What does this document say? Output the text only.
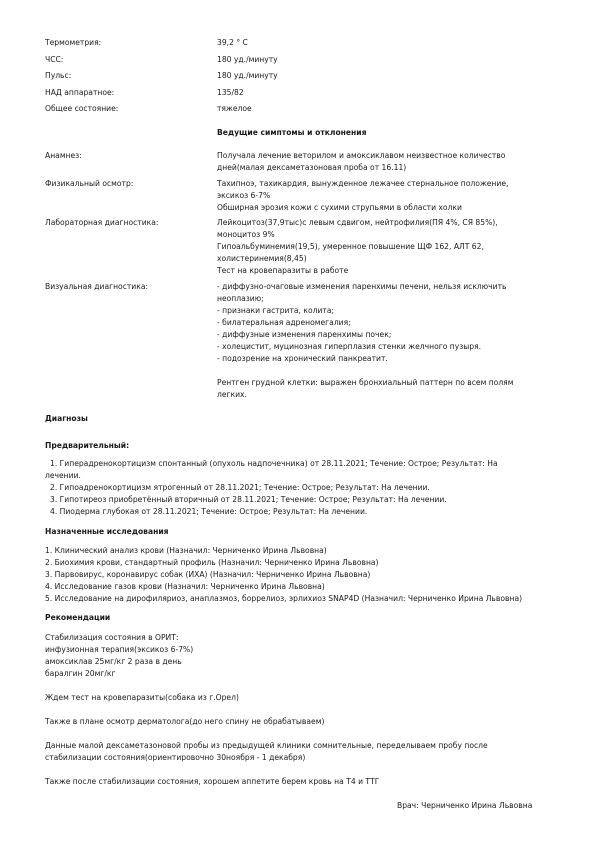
Термометрия:	39,2 ° C
ЧСС:	180 уд./минуту
Пульс:	180 уд./минуту
НАД аппаратное:	135/82
Общее состояние:	тяжелое
Ведущие симптомы и отклонения
Анамнез:	Получала лечение веторилом и амоксиклавом неизвестное количество
дней(малая дексаметазоновая проба от 16.11)
Физикальный осмотр:	Тахипноэ, тахикардия, вынужденное лежачее стернальное положение,
эксикоз 6-7%
Обширная эрозия кожи с сухими струпьями в области холки
Лабораторная диагностика:	Лейкоцитоз(37,9тыс)с левым сдвигом, нейтрофилия(ПЯ 4%, СЯ 85%),
моноцитоз 9%
Гипоальбуминемия(19,5), умеренное повышение ЩФ 162, АЛТ 62,
холистеринемия(8,45)
Тест на кровепаразиты в работе
Визуальная диагностика:	- диффузно-очаговые изменения паренхимы печени, нельзя исключить
неоплазию;
- признаки гастрита, колита;
- билатеральная адреномегалия;
- диффузные изменения паренхимы почек;
- холецистит, муцинозная гиперплазия стенки желчного пузыря.
- подозрение на хронический панкреатит.
Рентген грудной клетки: выражен бронхиальный паттерн по всем полям
легких.
Диагнозы
Предварительный:
1. Гиперадренокортицизм спонтанный (опухоль надпочечника) от 28.11.2021; Течение: Острое; Результат: На
лечении.
2. Гипоадренокортицизм ятрогенный от 28.11.2021; Течение: Острое; Результат: На лечении.
3. Гипотиреоз приобретённый вторичный от 28.11.2021; Течение: Острое; Результат: На лечении.
4. Пиодерма глубокая от 28.11.2021; Течение: Острое; Результат: На лечении.
Назначенные исследования
1. Клинический анализ крови (Назначил: Черниченко Ирина Львовна)
2. Биохимия крови, стандартный профиль (Назначил: Черниченко Ирина Львовна)
3. Парвовирус, коронавирус собак (ИХА) (Назначил: Черниченко Ирина Львовна)
4. Исследование газов крови (Назначил: Черниченко Ирина Львовна)
5. Исследование на дирофиляриоз, анаплазмоз, боррелиоз, эрлихиоз SNAP4D (Назначил: Черниченко Ирина Львовна)
Рекомендации
Стабилизация состояния в ОРИТ:
инфузионная терапия(эксикоз 6-7%)
амоксиклав 25мг/кг 2 раза в день
баралгин 20мг/кг
Ждем тест на кровепаразиты(собака из г.Орел)
Также в плане осмотр дерматолога(до него спину не обрабатываем)
Данные малой дексаметазоновой пробы из предыдущей клиники сомнительные, переделываем пробу после
стабилизации состояния(ориентировочно 30ноября - 1 декабря)
Также после стабилизации состояния, хорошем аппетите берем кровь на Т4 и ТТГ
Врач: Черниченко Ирина Львовна
